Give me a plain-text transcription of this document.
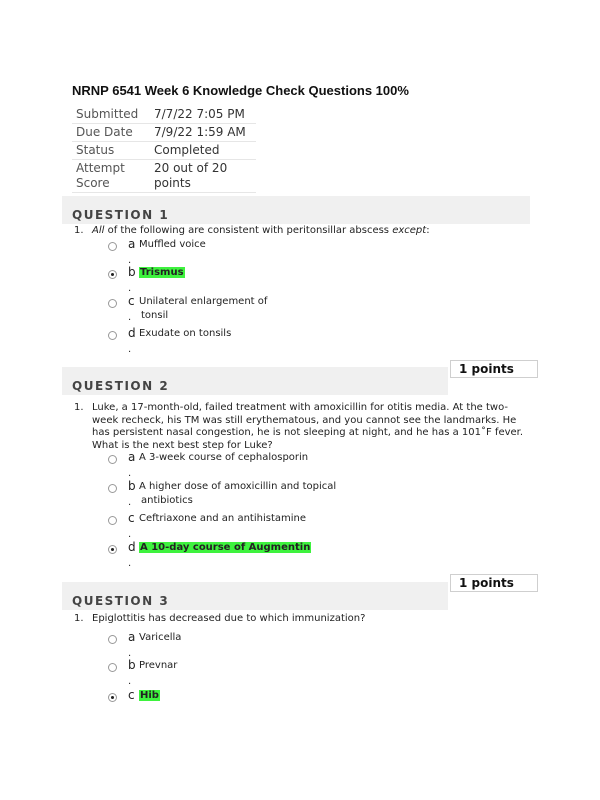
NRNP 6541 Week 6 Knowledge Check Questions 100%
Submitted	7/7/22 7:05 PM
Due Date	7/9/22 1:59 AM
Status	Completed
Attempt Score	20 out of 20 points
QUESTION 1
1. All of the following are consistent with peritonsillar abscess except:
a Muffled voice
.
b Trismus
.
c Unilateral enlargement of
tonsil
.
d Exudate on tonsils
.
1 points
QUESTION 2
1. Luke, a 17-month-old, failed treatment with amoxicillin for otitis media. At the two-week recheck, his TM was still erythematous, and you cannot see the landmarks. He has persistent nasal congestion, he is not sleeping at night, and he has a 101˚F fever. What is the next best step for Luke?
a A 3-week course of cephalosporin
.
b A higher dose of amoxicillin and topical
antibiotics
.
c Ceftriaxone and an antihistamine
.
d A 10-day course of Augmentin
.
1 points
QUESTION 3
1. Epiglottitis has decreased due to which immunization?
a Varicella
.
b Prevnar
.
c Hib
